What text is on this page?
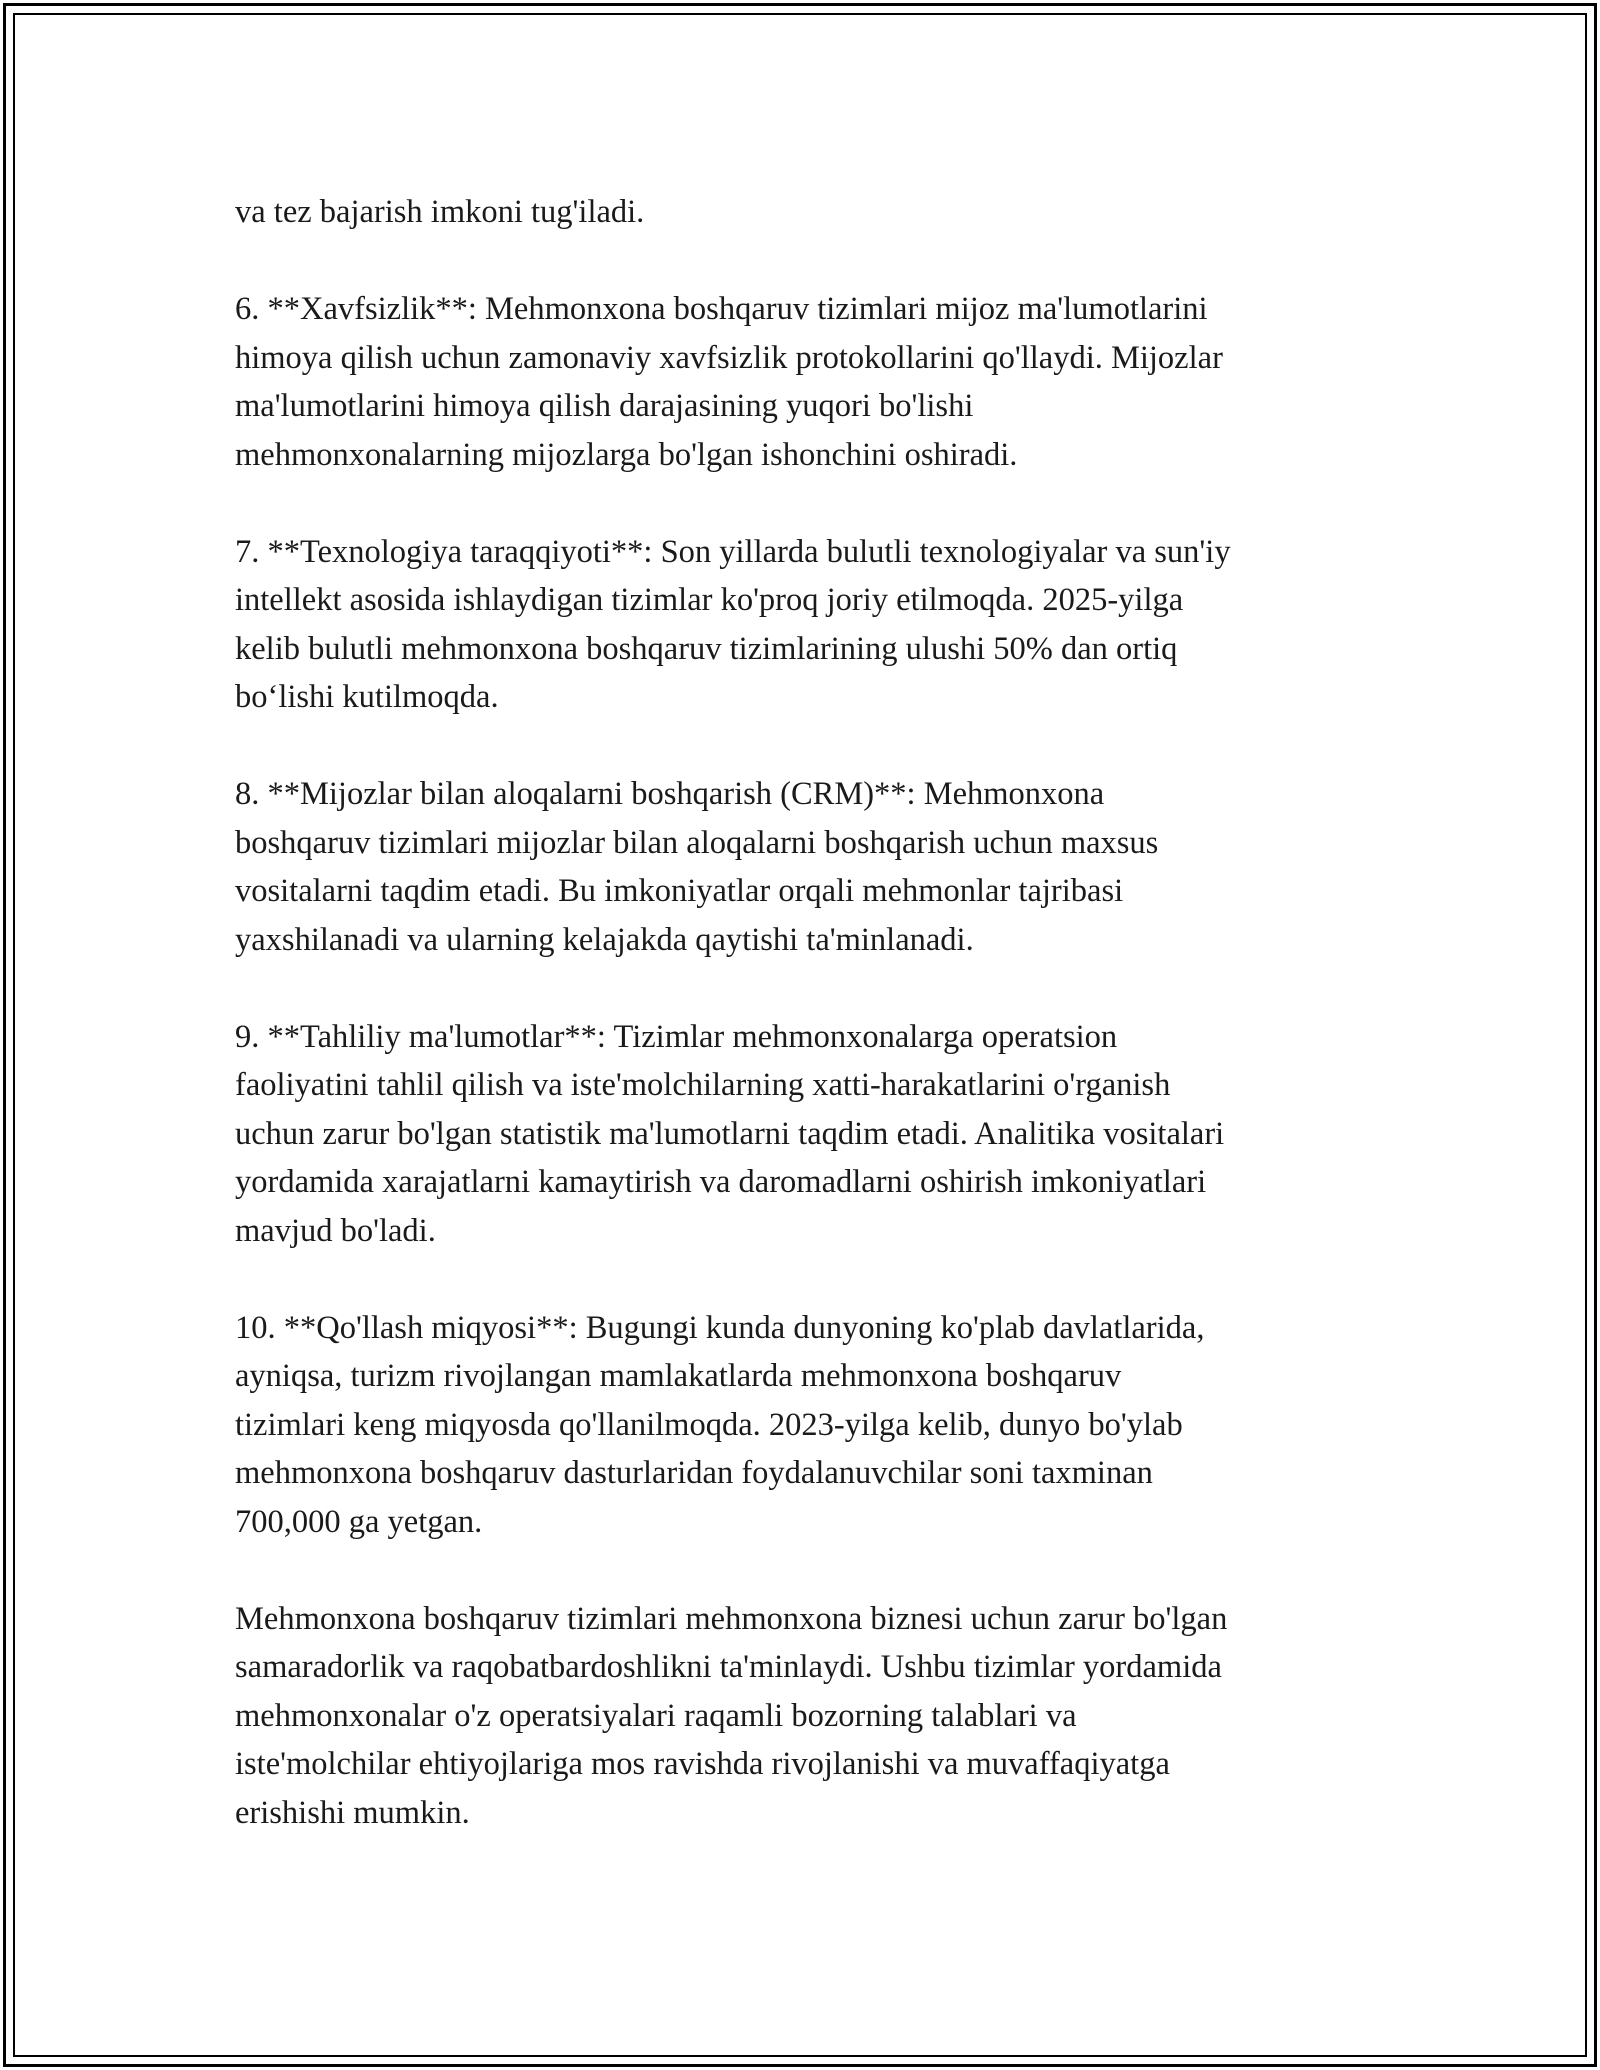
va tez bajarish imkoni tug'iladi.

6. **Xavfsizlik**: Mehmonxona boshqaruv tizimlari mijoz ma'lumotlarini
himoya qilish uchun zamonaviy xavfsizlik protokollarini qo'llaydi. Mijozlar
ma'lumotlarini himoya qilish darajasining yuqori bo'lishi
mehmonxonalarning mijozlarga bo'lgan ishonchini oshiradi.

7. **Texnologiya taraqqiyoti**: Son yillarda bulutli texnologiyalar va sun'iy
intellekt asosida ishlaydigan tizimlar ko'proq joriy etilmoqda. 2025-yilga
kelib bulutli mehmonxona boshqaruv tizimlarining ulushi 50% dan ortiq
bo‘lishi kutilmoqda.

8. **Mijozlar bilan aloqalarni boshqarish (CRM)**: Mehmonxona
boshqaruv tizimlari mijozlar bilan aloqalarni boshqarish uchun maxsus
vositalarni taqdim etadi. Bu imkoniyatlar orqali mehmonlar tajribasi
yaxshilanadi va ularning kelajakda qaytishi ta'minlanadi.

9. **Tahliliy ma'lumotlar**: Tizimlar mehmonxonalarga operatsion
faoliyatini tahlil qilish va iste'molchilarning xatti-harakatlarini o'rganish
uchun zarur bo'lgan statistik ma'lumotlarni taqdim etadi. Analitika vositalari
yordamida xarajatlarni kamaytirish va daromadlarni oshirish imkoniyatlari
mavjud bo'ladi.

10. **Qo'llash miqyosi**: Bugungi kunda dunyoning ko'plab davlatlarida,
ayniqsa, turizm rivojlangan mamlakatlarda mehmonxona boshqaruv
tizimlari keng miqyosda qo'llanilmoqda. 2023-yilga kelib, dunyo bo'ylab
mehmonxona boshqaruv dasturlaridan foydalanuvchilar soni taxminan
700,000 ga yetgan.

Mehmonxona boshqaruv tizimlari mehmonxona biznesi uchun zarur bo'lgan
samaradorlik va raqobatbardoshlikni ta'minlaydi. Ushbu tizimlar yordamida
mehmonxonalar o'z operatsiyalari raqamli bozorning talablari va
iste'molchilar ehtiyojlariga mos ravishda rivojlanishi va muvaffaqiyatga
erishishi mumkin.
